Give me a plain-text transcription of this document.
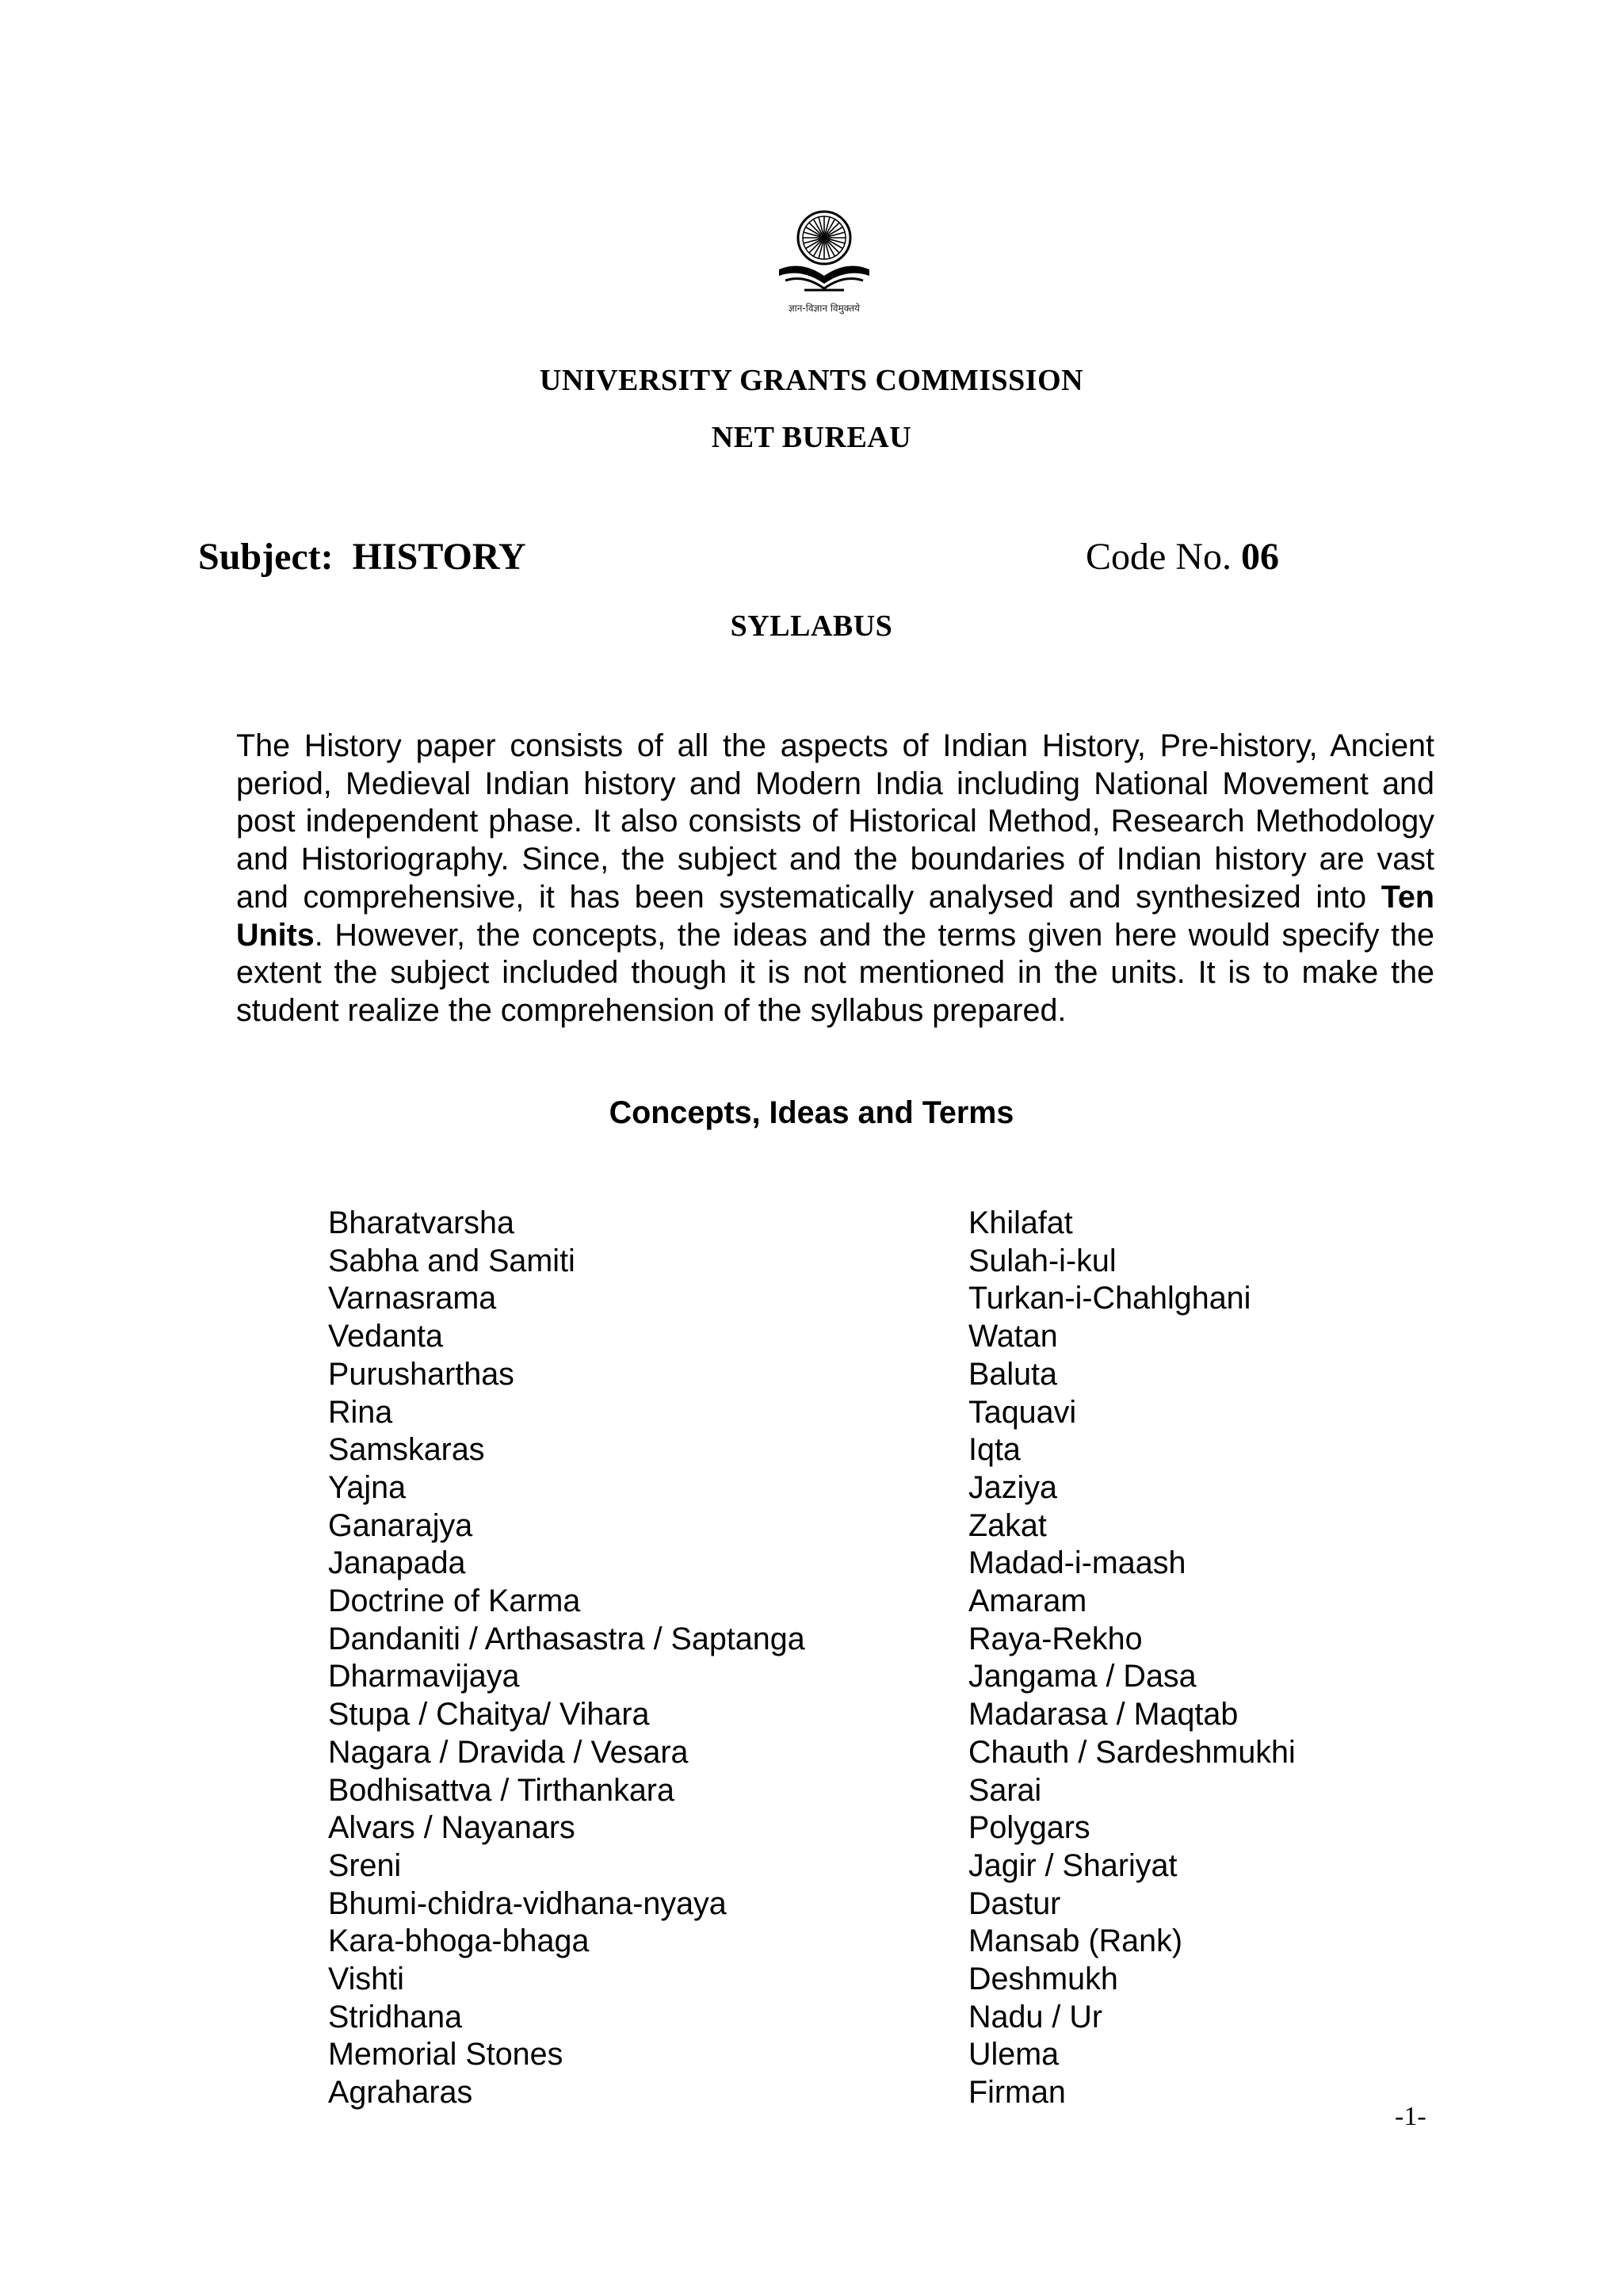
ज्ञान-विज्ञान विमुक्तये
UNIVERSITY GRANTS COMMISSION
NET BUREAU
Subject: HISTORY	Code No. 06
SYLLABUS

The History paper consists of all the aspects of Indian History, Pre-history, Ancient period, Medieval Indian history and Modern India including National Movement and post independent phase. It also consists of Historical Method, Research Methodology and Historiography. Since, the subject and the boundaries of Indian history are vast and comprehensive, it has been systematically analysed and synthesized into Ten Units. However, the concepts, the ideas and the terms given here would specify the extent the subject included though it is not mentioned in the units. It is to make the student realize the comprehension of the syllabus prepared.

Concepts, Ideas and Terms
Bharatvarsha
Sabha and Samiti
Varnasrama
Vedanta
Purusharthas
Rina
Samskaras
Yajna
Ganarajya
Janapada
Doctrine of Karma
Dandaniti / Arthasastra / Saptanga
Dharmavijaya
Stupa / Chaitya/ Vihara
Nagara / Dravida / Vesara
Bodhisattva / Tirthankara
Alvars / Nayanars
Sreni
Bhumi-chidra-vidhana-nyaya
Kara-bhoga-bhaga
Vishti
Stridhana
Memorial Stones
Agraharas
Khilafat
Sulah-i-kul
Turkan-i-Chahlghani
Watan
Baluta
Taquavi
Iqta
Jaziya
Zakat
Madad-i-maash
Amaram
Raya-Rekho
Jangama / Dasa
Madarasa / Maqtab
Chauth / Sardeshmukhi
Sarai
Polygars
Jagir / Shariyat
Dastur
Mansab (Rank)
Deshmukh
Nadu / Ur
Ulema
Firman
-1-
